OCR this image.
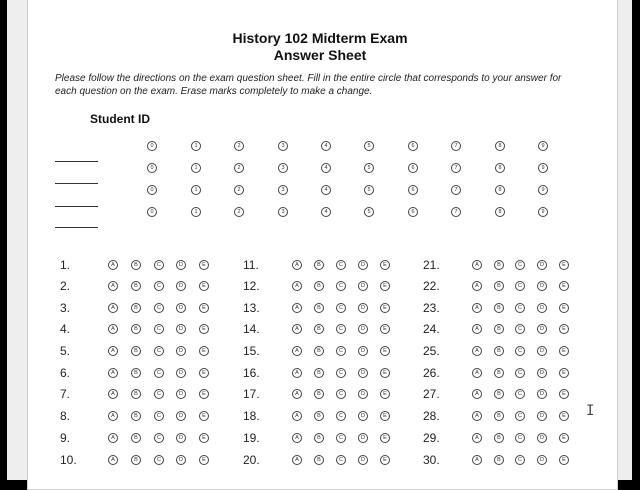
History 102 Midterm Exam
Answer Sheet
Please follow the directions on the exam question sheet. Fill in the entire circle that corresponds to your answer for each question on the exam. Erase marks completely to make a change.
Student ID
0	1	2	3	4	5	6	7	8	9
0	1	2	3	4	5	6	7	8	9
0	1	2	3	4	5	6	7	8	9
0	1	2	3	4	5	6	7	8	9
1.	A	B	C	D	E
2.	A	B	C	D	E
3.	A	B	C	D	E
4.	A	B	C	D	E
5.	A	B	C	D	E
6.	A	B	C	D	E
7.	A	B	C	D	E
8.	A	B	C	D	E
9.	A	B	C	D	E
10.	A	B	C	D	E
11.	A	B	C	D	E
12.	A	B	C	D	E
13.	A	B	C	D	E
14.	A	B	C	D	E
15.	A	B	C	D	E
16.	A	B	C	D	E
17.	A	B	C	D	E
18.	A	B	C	D	E
19.	A	B	C	D	E
20.	A	B	C	D	E
21.	A	B	C	D	E
22.	A	B	C	D	E
23.	A	B	C	D	E
24.	A	B	C	D	E
25.	A	B	C	D	E
26.	A	B	C	D	E
27.	A	B	C	D	E
28.	A	B	C	D	E
29.	A	B	C	D	E
30.	A	B	C	D	E
I
